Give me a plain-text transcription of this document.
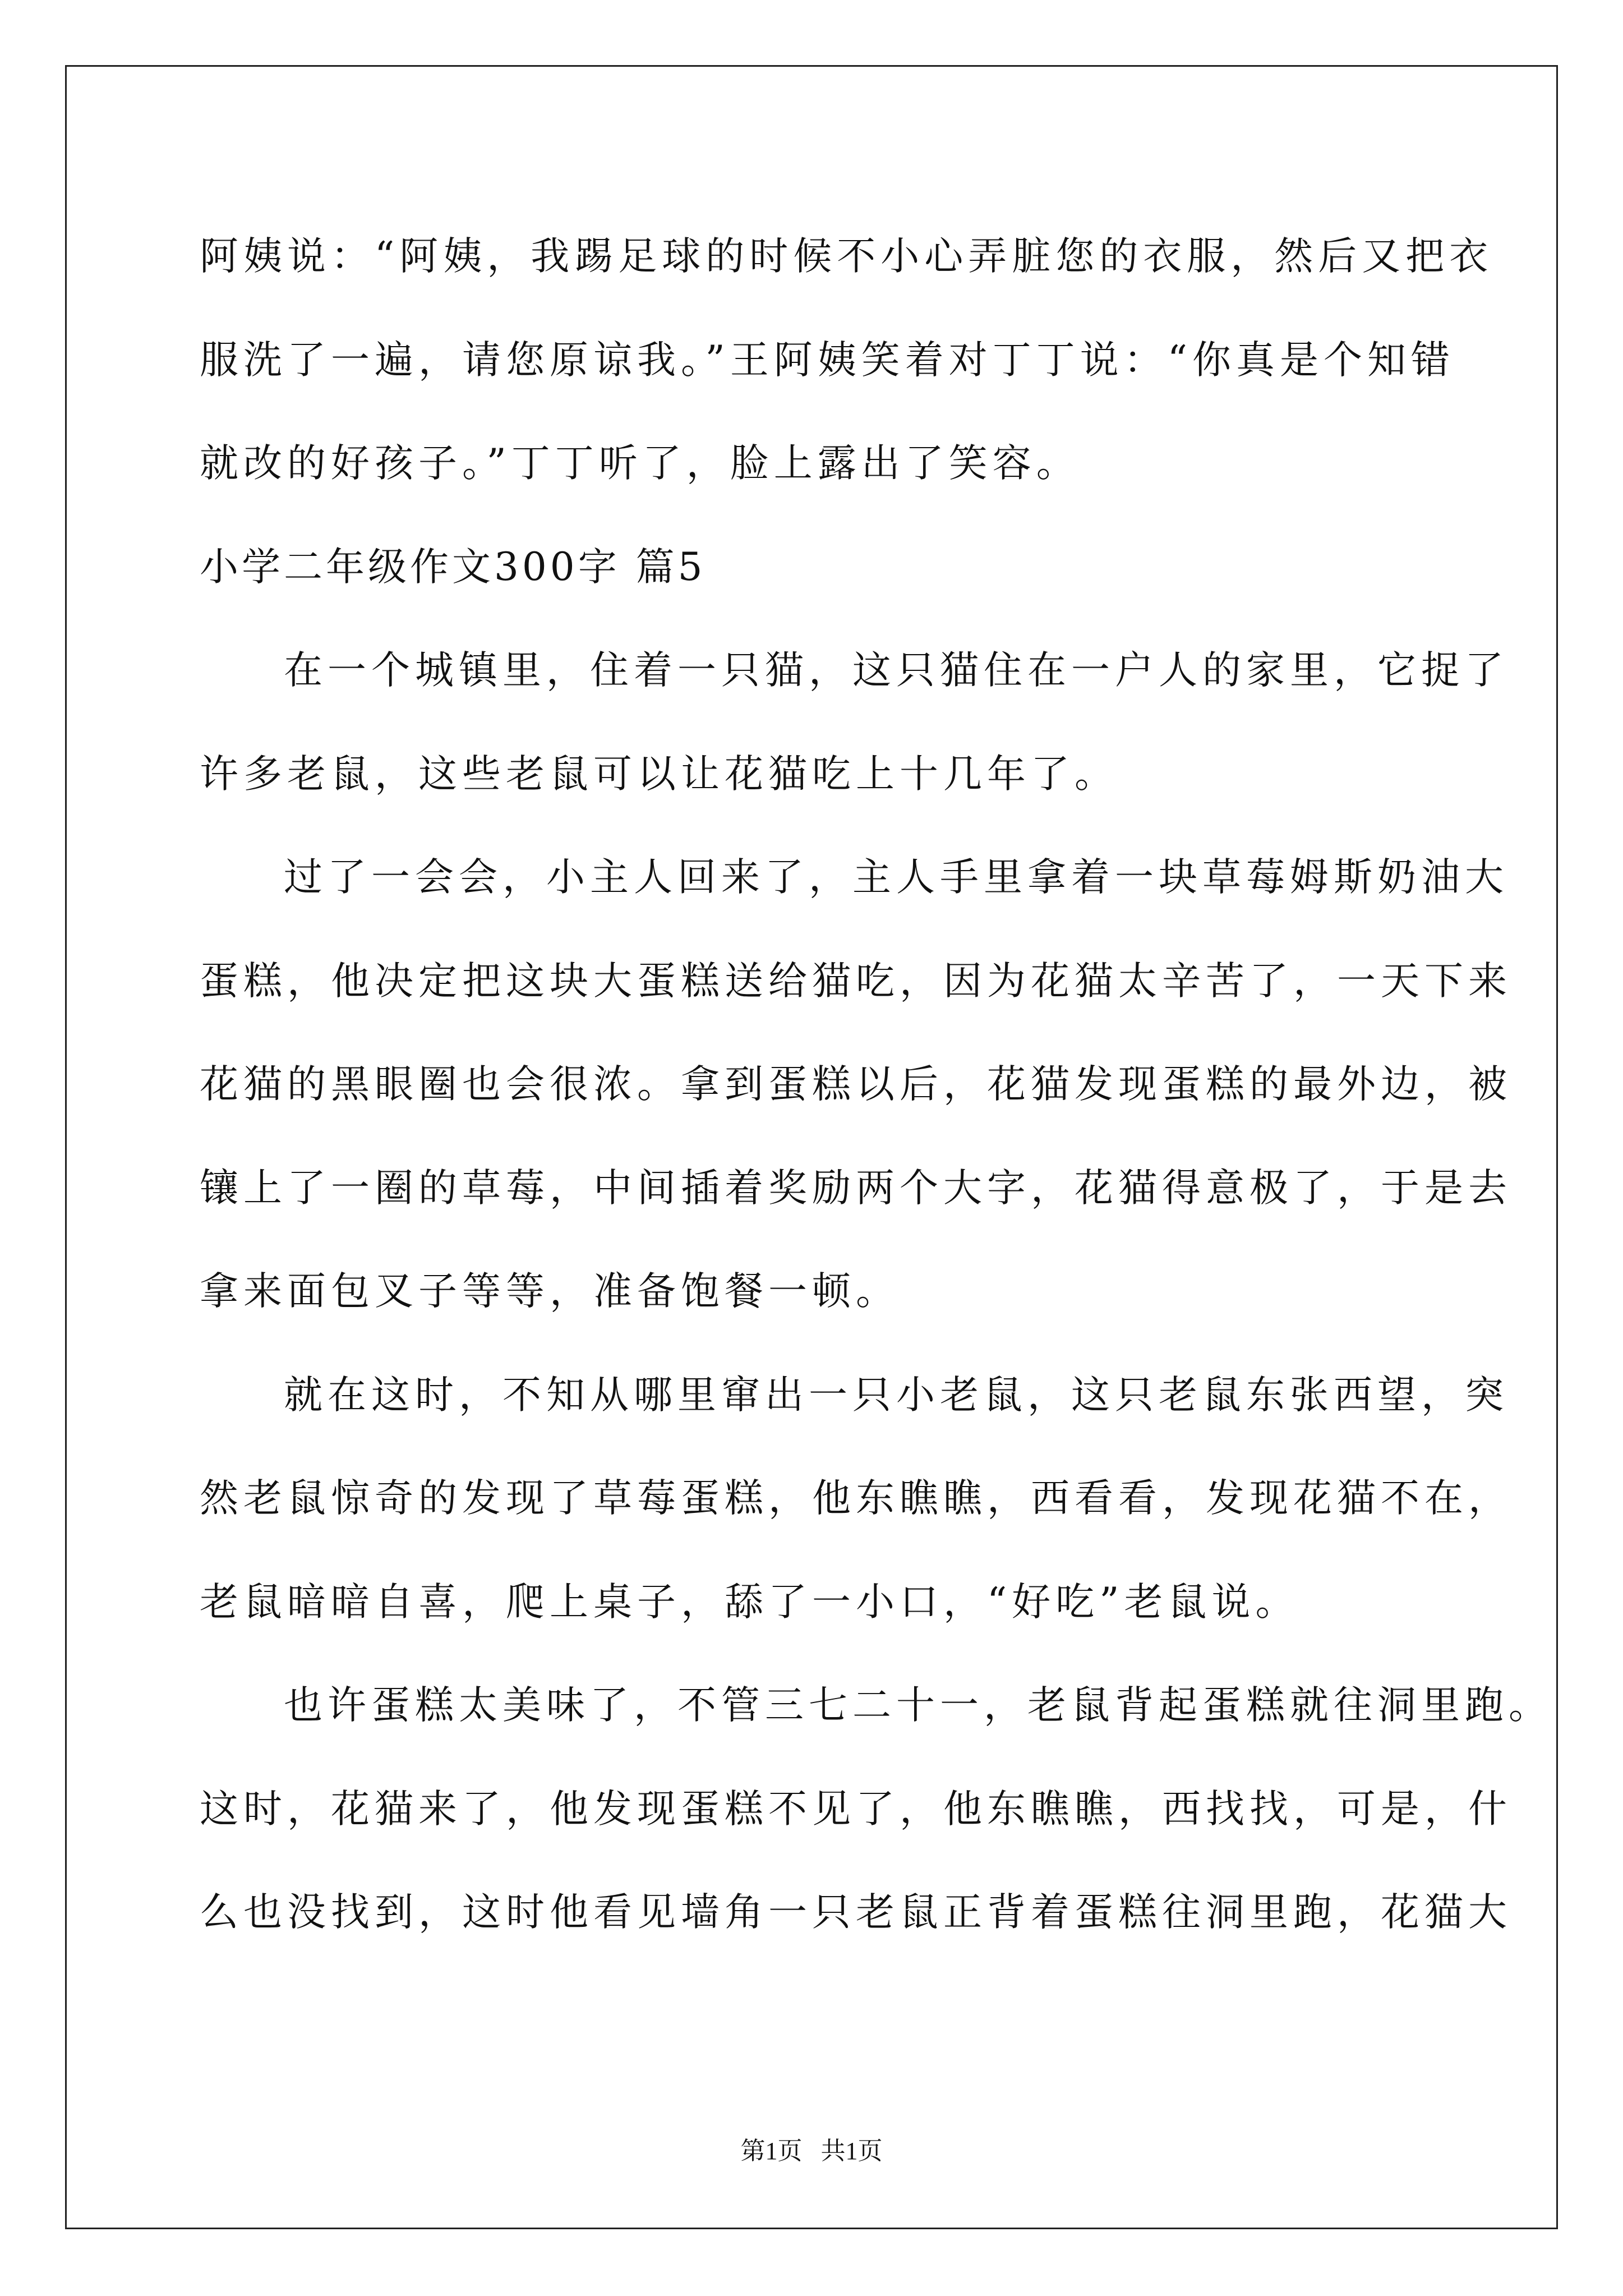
阿姨说：“阿姨，我踢足球的时候不小心弄脏您的衣服，然后又把衣
服洗了一遍，请您原谅我。”王阿姨笑着对丁丁说：“你真是个知错
就改的好孩子。”丁丁听了，脸上露出了笑容。
小学二年级作文300字 篇5
在一个城镇里，住着一只猫，这只猫住在一户人的家里，它捉了
许多老鼠，这些老鼠可以让花猫吃上十几年了。
过了一会会，小主人回来了，主人手里拿着一块草莓姆斯奶油大
蛋糕，他决定把这块大蛋糕送给猫吃，因为花猫太辛苦了，一天下来
花猫的黑眼圈也会很浓。拿到蛋糕以后，花猫发现蛋糕的最外边，被
镶上了一圈的草莓，中间插着奖励两个大字，花猫得意极了，于是去
拿来面包叉子等等，准备饱餐一顿。
就在这时，不知从哪里窜出一只小老鼠，这只老鼠东张西望，突
然老鼠惊奇的发现了草莓蛋糕，他东瞧瞧，西看看，发现花猫不在，
老鼠暗暗自喜，爬上桌子，舔了一小口，“好吃”老鼠说。
也许蛋糕太美味了，不管三七二十一，老鼠背起蛋糕就往洞里跑。
这时，花猫来了，他发现蛋糕不见了，他东瞧瞧，西找找，可是，什
么也没找到，这时他看见墙角一只老鼠正背着蛋糕往洞里跑，花猫大
第1页   共1页
